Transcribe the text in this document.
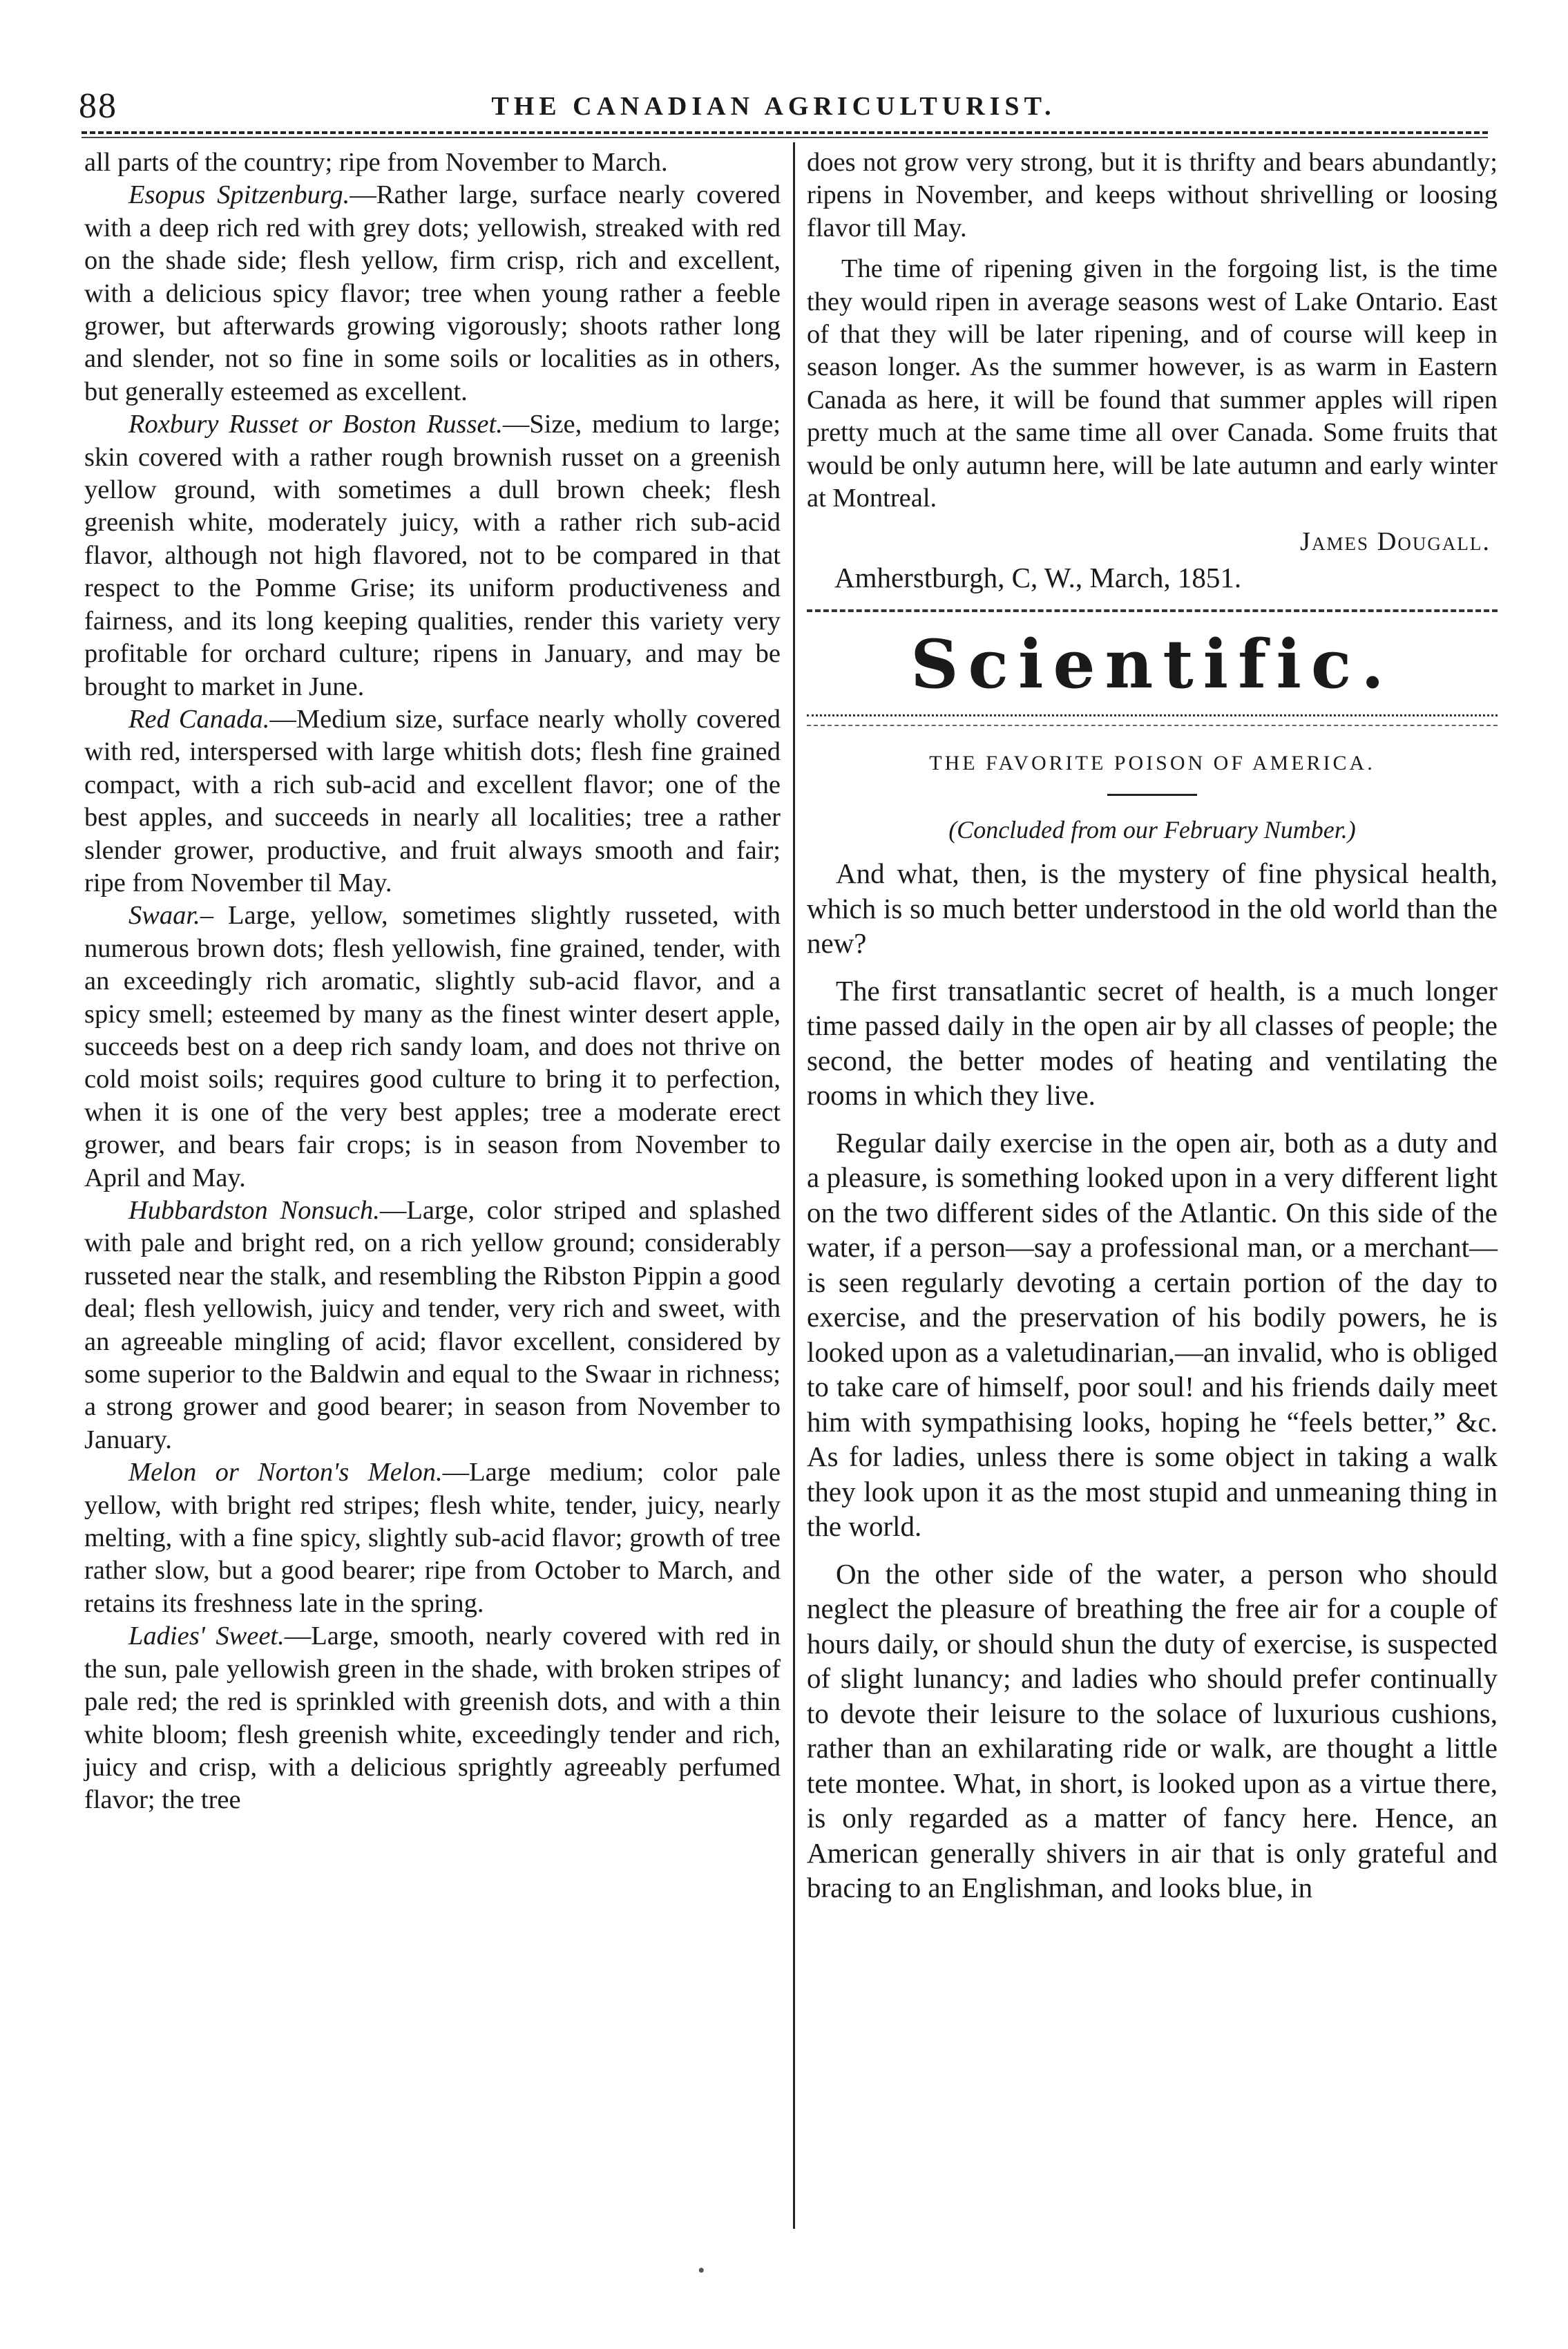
88	THE CANADIAN AGRICULTURIST.

all parts of the country; ripe from November to March.

Esopus Spitzenburg.—Rather large, surface nearly covered with a deep rich red with grey dots; yellowish, streaked with red on the shade side; flesh yellow, firm crisp, rich and excellent, with a delicious spicy flavor; tree when young rather a feeble grower, but afterwards growing vigorously; shoots rather long and slender, not so fine in some soils or localities as in others, but generally esteemed as excellent.

Roxbury Russet or Boston Russet.—Size, medium to large; skin covered with a rather rough brownish russet on a greenish yellow ground, with sometimes a dull brown cheek; flesh greenish white, moderately juicy, with a rather rich sub-acid flavor, although not high flavored, not to be compared in that respect to the Pomme Grise; its uniform productiveness and fairness, and its long keeping qualities, render this variety very profitable for orchard culture; ripens in January, and may be brought to market in June.

Red Canada.—Medium size, surface nearly wholly covered with red, interspersed with large whitish dots; flesh fine grained compact, with a rich sub-acid and excellent flavor; one of the best apples, and succeeds in nearly all localities; tree a rather slender grower, productive, and fruit always smooth and fair; ripe from November til May.

Swaar.– Large, yellow, sometimes slightly russeted, with numerous brown dots; flesh yellowish, fine grained, tender, with an exceedingly rich aromatic, slightly sub-acid flavor, and a spicy smell; esteemed by many as the finest winter desert apple, succeeds best on a deep rich sandy loam, and does not thrive on cold moist soils; requires good culture to bring it to perfection, when it is one of the very best apples; tree a moderate erect grower, and bears fair crops; is in season from November to April and May.

Hubbardston Nonsuch.—Large, color striped and splashed with pale and bright red, on a rich yellow ground; considerably russeted near the stalk, and resembling the Ribston Pippin a good deal; flesh yellowish, juicy and tender, very rich and sweet, with an agreeable mingling of acid; flavor excellent, considered by some superior to the Baldwin and equal to the Swaar in richness; a strong grower and good bearer; in season from November to January.

Melon or Norton's Melon.—Large medium; color pale yellow, with bright red stripes; flesh white, tender, juicy, nearly melting, with a fine spicy, slightly sub-acid flavor; growth of tree rather slow, but a good bearer; ripe from October to March, and retains its freshness late in the spring.

Ladies' Sweet.—Large, smooth, nearly covered with red in the sun, pale yellowish green in the shade, with broken stripes of pale red; the red is sprinkled with greenish dots, and with a thin white bloom; flesh greenish white, exceedingly tender and rich, juicy and crisp, with a delicious sprightly agreeably perfumed flavor; the tree

does not grow very strong, but it is thrifty and bears abundantly; ripens in November, and keeps without shrivelling or loosing flavor till May.

The time of ripening given in the forgoing list, is the time they would ripen in average seasons west of Lake Ontario. East of that they will be later ripening, and of course will keep in season longer. As the summer however, is as warm in Eastern Canada as here, it will be found that summer apples will ripen pretty much at the same time all over Canada. Some fruits that would be only autumn here, will be late autumn and early winter at Montreal.

James Dougall.
Amherstburgh, C, W., March, 1851.
Scientific.
THE FAVORITE POISON OF AMERICA.
(Concluded from our February Number.)

And what, then, is the mystery of fine physical health, which is so much better understood in the old world than the new?

The first transatlantic secret of health, is a much longer time passed daily in the open air by all classes of people; the second, the better modes of heating and ventilating the rooms in which they live.

Regular daily exercise in the open air, both as a duty and a pleasure, is something looked upon in a very different light on the two different sides of the Atlantic. On this side of the water, if a person—say a professional man, or a merchant—is seen regularly devoting a certain portion of the day to exercise, and the preservation of his bodily powers, he is looked upon as a valetudinarian,—an invalid, who is obliged to take care of himself, poor soul! and his friends daily meet him with sympathising looks, hoping he “feels better,” &c. As for ladies, unless there is some object in taking a walk they look upon it as the most stupid and unmeaning thing in the world.

On the other side of the water, a person who should neglect the pleasure of breathing the free air for a couple of hours daily, or should shun the duty of exercise, is suspected of slight lunancy; and ladies who should prefer continually to devote their leisure to the solace of luxurious cushions, rather than an exhilarating ride or walk, are thought a little tete montee. What, in short, is looked upon as a virtue there, is only regarded as a matter of fancy here. Hence, an American generally shivers in air that is only grateful and bracing to an Englishman, and looks blue, in

•
